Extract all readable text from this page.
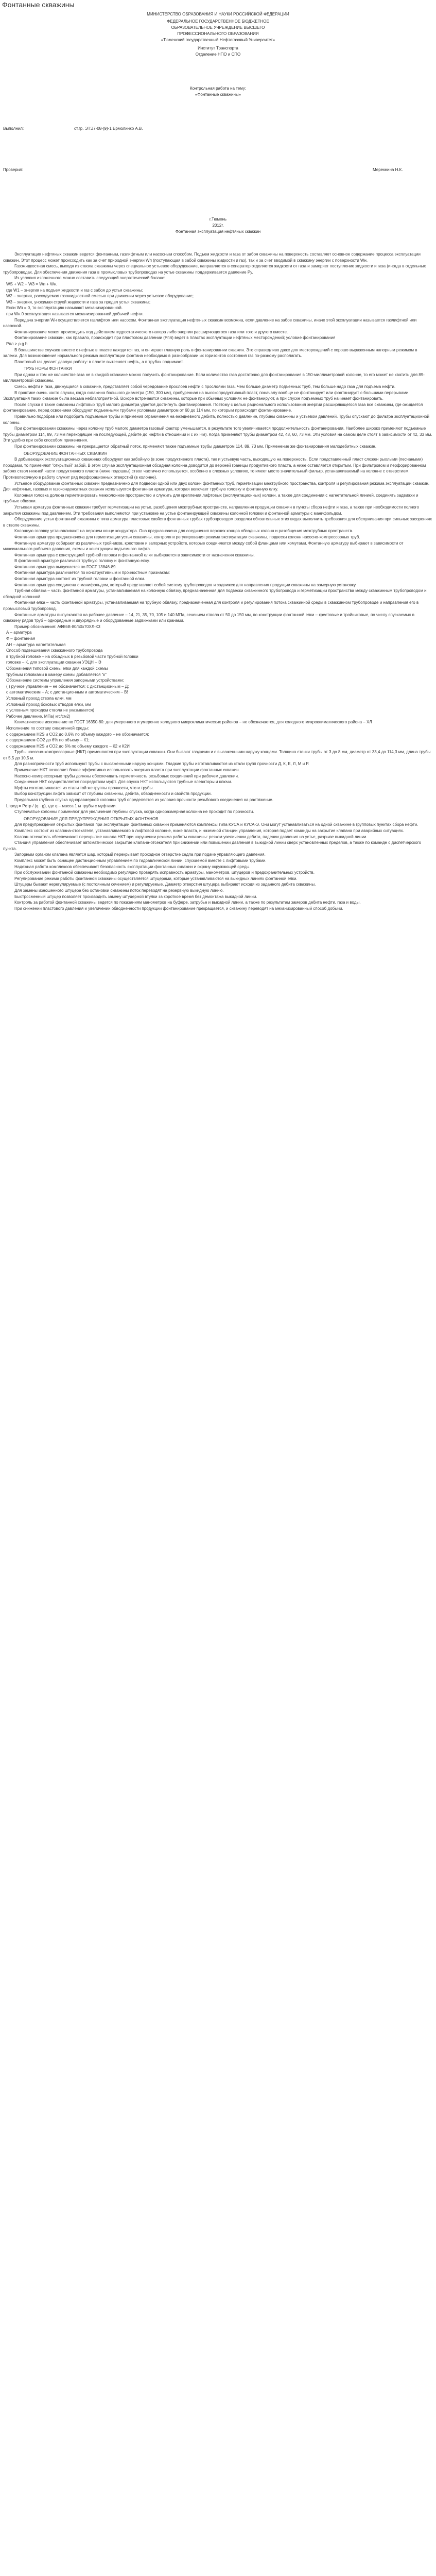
Фонтанные скважины
МИНИСТЕРСТВО ОБРАЗОВАНИЯ И НАУКИ РОССИЙСКОЙ ФЕДЕРАЦИИ
ФЕДЕРАЛЬНОЕ ГОСУДАРСТВЕННОЕ БЮДЖЕТНОЕ
ОБРАЗОВАТЕЛЬНОЕ УЧРЕЖДЕНИЕ ВЫСШЕГО
ПРОФЕССИОНАЛЬНОГО ОБРАЗОВАНИЯ
«Тюменский государственный Нефтегазовый Университет»
Институт Транспорта
Отделение НПО и СПО
Контрольная работа на тему:
«Фонтанные скважины»
Выполнил:	ст.гр. ЭТЭ7-08-(9)-1 Ермолинко А.В.
Проверил:	Мерекнина Н.К.
г.Тюмень
2012г.
Фонтанная эксплуатация нефтяных скважин

Эксплуатация нефтяных скважин ведется фонтанным, газлифтным или насосным способом. Подъем жидкости и газа от забоя скважины на поверхность составляет основное содержание процесса эксплуатации скважин. Этот процесс может происходить как за счет природной энергии Wп (поступающая в забой скважины жидкости и газ), так и за счет вводимой в скважину энергии с поверхности Wн.

Газожидкостная смесь, выходя из ствола скважины через специальное устьевое оборудование, направляется в сепаратор отделяется жидкости от газа и замеряет поступление жидкости и газа (иногда в отдельных трубопроводах. Для обеспечения движения газа в промысловых трубопроводах на устье скважины поддерживается давление Ру.

Из условия изложенного можно составить следующий энергетический баланс:

WS + W2 + W3 = Wп + Wн,

где W1 – энергия на подъем жидкости и газ с забоя до устья скважины;

W2 – энергия, расходуемая газожидкостной смесью при движении через устьевое оборудование;

W3 – энергия, уносимая струей жидкости и газа за предел устья скважины;

Если Wп = 0, то эксплуатацию называют механизированной.

при Wн.0 эксплуатация называется механизированной добычей нефти.

Передача энергии Wн осуществляется газлифтом или насосом. Фонтанная эксплуатация нефтяных скважин возможна, если давление на забое скважины, иначе этой эксплуатации называется газлифтной или насосной.

Фонтанирование может происходить под действием гидростатического напора либо энергии расширяющегося газа или того и другого вместе.

Фонтанирование скважин, как правило, происходит при пластовом давлении (Рпл) ведет в пластах эксплуатации нефтяных месторождений; условие фонтанирования

Рпл > ρ g h

В большинстве случаев вместе с нефтью в пласте находится газ, и он играет главную роль в фонтанировании скважин. Это справедливо даже для месторождений с хорошо выраженным напорным режимом в залежи. Для возникновения нормального режима эксплуатации фонтана необходимо в разнообразии их горизонтов состояния газ по-разному располагать.

Пластовый газ делает давлую работу: в пласте вытесняет нефть, а в трубах поднимает.

ТРУБ НОРЫ ФОНТАНКИ

При одном и том же количестве газа не в каждой скважине можно получить фонтанирование. Если количество газа достаточно для фонтанирования в 150-миллиметровой колонне, то его может не хватить для 89-миллиметровой скважины.

Смесь нефти и газа, движущаяся в скважине, представляет собой чередование прослоев нефти с прослоями газа. Чем больше диаметр подъемных труб, тем больше надо газа для подъема нефти.

В практике очень часто случаи, когда скважина большого диаметра (150, 300 мм), пробуренная на высокопродуктивный пласт, поначалу вообще не фонтанирует или фонтанирует с большими перерывами. Эксплуатация таких скважин была весьма неблагоприятной. Вскоре встречаются скважины, которые при обычных условиях не фонтанируют, а при спуске подъемных труб начинает фонтанировать.

После спуска в такие скважины лифтовых труб малого диаметра удается достигнуть фонтанирования. Поэтому с целью рационального использования энергии расширяющегося газа все скважины, где ожидается фонтанирование, перед освоением оборудуют подъемными трубами условным диаметром от 60 до 114 мм, по которым происходит фонтанирование.

Правильно подобрав или подобрать подъемные трубы и применив ограничения на ежедневного дебита, полностью давление, глубины скважины и устьевом давлений. Трубы опускают до фильтра эксплуатационной колонны.

При фонтанировании скважины через колонну труб малого диаметра газовый фактор уменьшается, в результате того увеличивается продолжительность фонтанирования. Наиболее широко применяют подъемные трубы диаметром 114, 89, 73 мм переходящие на последующей, дебите до нефти в отношении и с их Нм). Когда применяют трубы диаметром 42, 48, 60, 73 мм. Эти условия на самом деле стоят в зависимости от 42, 33 мм. Эти удобно при себе способом применения.

При фонтанировании скважины не прекращается обратный поток, применяют также подъемные трубы диаметром 114, 89, 73 мм. Применение же фонтанирования малодебитных скважин.

ОБОРУДОВАНИЕ ФОНТАННЫХ СКВАЖИН

В добывающих эксплуатационных скважинах оборудуют как забойную (в зоне продуктивного пласта), так и устьевую часть, выходящую на поверхность. Если представленный пласт сложен рыхлыми (песчаными) породами, то применяют "открытый" забой. В этом случае эксплуатационная обсадная колонна доводится до верхней границы продуктивного пласта, а ниже оставляется открытым. При фильтровом и перфорированном забоях ствол нижней части продуктивного пласта (ниже подошвы) ствол частично используется, особенно в сложных условиях, то имеет место значительный фильтр, устанавливаемый на колонне с отверстием. Противопесочную в работу служит ряд перфорационных отверстий (в колонне).

Устьевое оборудование фонтанных скважин предназначено для подвески одной или двух колонн фонтанных труб, герметизации межтрубного пространства, контроля и регулирования режима эксплуатации скважин. Для нефтяных, газовых и газоконденсатных скважин используется фонтанная арматура, которая включает трубную головку и фонтанную елку.

Колонная головка должна герметизировать межколонное пространство и служить для крепления лифтовых (эксплуатационных) колонн, а также для соединения с нагнетательной линией, соединять задвижки и трубные обвязки.

Устьевая арматура фонтанных скважин требует герметизации на устье, разобщения межтрубных пространств, направления продукции скважин в пункты сбора нефти и газа, а также при необходимости полного закрытия скважины под давлением. Эти требования выполняются при установке на устье фонтанирующей скважины колонной головки и фонтанной арматуры с манифольдом.

Оборудование устья фонтанной скважины с типа арматура пластовых свойств фонтанных трубах трубопроводом разделки обязательных этих видах выполнить требования для обслуживания при сильных засорениях в стволе скважины.

Колонную головку устанавливают на верхнем конце кондуктора. Она предназначена для соединения верхних концов обсадных колонн и разобщения межтрубных пространств.

Фонтанная арматура предназначена для герметизации устья скважины, контроля и регулирования режима эксплуатации скважины, подвески колонн насосно-компрессорных труб.

Фонтанную арматуру собирают из различных тройников, крестовин и запорных устройств, которые соединяются между собой фланцами или хомутами. Фонтанную арматуру выбирают в зависимости от максимального рабочего давления, схемы и конструкции подъемного лифта.

Фонтанная арматура с конструкцией трубной головки и фонтанной елки выбирается в зависимости от назначения скважины.

В фонтанной арматуре различают трубную головку и фонтанную елку.

Фонтанная арматура выпускается по ГОСТ 13846-89.

Фонтанная арматура различается по конструктивным и прочностным признакам:

Фонтанная арматура состоит из трубной головки и фонтанной елки.

Фонтанная арматура соединена с манифольдом, который представляет собой систему трубопроводов и задвижек для направления продукции скважины на замерную установку.

Трубная обвязка – часть фонтанной арматуры, устанавливаемая на колонную обвязку, предназначенная для подвески скважинного трубопровода и герметизации пространства между скважинным трубопроводом и обсадной колонной.

Фонтанная елка – часть фонтанной арматуры, устанавливаемая на трубную обвязку, предназначенная для контроля и регулирования потока скважинной среды в скважинном трубопроводе и направления его в промысловый трубопровод.

Фонтанные арматуры выпускаются на рабочее давление – 14, 21, 35, 70, 105 и 140 МПа, сечением ствола от 50 до 150 мм, по конструкции фонтанной елки – крестовые и тройниковые, по числу спускаемых в скважину рядов труб – однорядные и двухрядные и оборудованные задвижками или кранами.

Пример обозначения: АФК6В-80/50х70ХЛ-К3

А – арматура

Ф – фонтанная

АН – арматура нагнетательная

Способ подвешивания скважинного трубопровода

в трубной головке – на обсадных в резьбовой части трубной головки

головке – К, для эксплуатации скважин УЭЦН – Э

Обозначения типовой схемы елки для каждой схемы

трубным головками в камеру схемы добавляется "к"

Обозначение системы управления запорными устройствами:

( ) ручное управление – не обозначается; с дистанционным – Д;

с автоматическим – А; с дистанционным и автоматическим – В!

Условный проход ствола елки, мм

Условный проход боковых отводов елки, мм

с условным проходом ствола не указывается)

Рабочее давление, МПа( кгс/см2)

Климатическое исполнение по ГОСТ 16350-80: для умеренного и умеренно холодного микроклиматических районов – не обозначается, для холодного микроклиматического района – ХЛ

Исполнение по составу скважинной среды:

с содержанием H2S и CO2 до 0,6% по объему каждого – не обозначается;

с содержанием CO2 до 6% по объему – К1;

с содержанием H2S и CO2 до 6% по объему каждого – К2 и К2И

Трубы насосно-компрессорные (НКТ) применяются при эксплуатации скважин. Они бывают гладкими и с высаженными наружу концами. Толщина стенки трубы от 3 до 8 мм, диаметр от 33,4 до 114,3 мм, длина трубы от 5,5 до 10,5 м.

Для равнопрочности труб используют трубы с высаженными наружу концами. Гладкие трубы изготавливаются из стали групп прочности Д, К, Е, Л, М и Р.

Применение НКТ позволяет более эффективно использовать энергию пласта при эксплуатации фонтанных скважин.

Насосно-компрессорные трубы должны обеспечивать герметичность резьбовых соединений при рабочем давлении.

Соединение НКТ осуществляется посредством муфт. Для спуска НКТ используются трубные элеваторы и ключи.

Муфты изготавливаются из стали той же группы прочности, что и трубы.

Выбор конструкции лифта зависит от глубины скважины, дебита, обводненности и свойств продукции.

Предельная глубина спуска одноразмерной колонны труб определяется из условия прочности резьбового соединения на растяжение.

Lпред = Рстр / (q · g), где q – масса 1 м трубы с муфтами.

Ступенчатые колонны применяют для увеличения глубины спуска, когда одноразмерная колонна не проходит по прочности.

ОБОРУДОВАНИЕ ДЛЯ ПРЕДУПРЕЖДЕНИЯ ОТКРЫТЫХ ФОНТАНОВ

Для предупреждения открытых фонтанов при эксплуатации фонтанных скважин применяются комплексы типа КУСА и КУСА-Э. Они могут устанавливаться на одной скважине в групповых пунктах сбора нефти.

Комплекс состоит из клапана-отсекателя, устанавливаемого в лифтовой колонне, ниже пласта, и наземной станции управления, которая подает команды на закрытие клапана при аварийных ситуациях.

Клапан-отсекатель обеспечивает перекрытие канала НКТ при нарушении режима работы скважины: резком увеличении дебита, падении давления на устье, разрыве выкидной линии.

Станция управления обеспечивает автоматическое закрытие клапана-отсекателя при снижении или повышении давления в выкидной линии сверх установленных пределов, а также по команде с диспетчерского пункта.

Запорным органом клапана является шар, который перекрывает проходное отверстие седла при подаче управляющего давления.

Комплекс может быть оснащен дистанционным управлением по гидравлической линии, спускаемой вместе с лифтовыми трубами.

Надежная работа комплексов обеспечивает безопасность эксплуатации фонтанных скважин и охрану окружающей среды.

При обслуживании фонтанной скважины необходимо регулярно проверять исправность арматуры, манометров, штуцеров и предохранительных устройств.

Регулирование режима работы фонтанной скважины осуществляется штуцерами, которые устанавливаются на выкидных линиях фонтанной елки.

Штуцеры бывают нерегулируемые (с постоянным сечением) и регулируемые. Диаметр отверстия штуцера выбирают исходя из заданного дебита скважины.

Для замены изношенного штуцера без остановки скважины поток переводят на резервную выкидную линию.

Быстросменный штуцер позволяет производить замену штуцерной втулки за короткое время без демонтажа выкидной линии.

Контроль за работой фонтанной скважины ведется по показаниям манометров на буфере, затрубье и выкидной линии, а также по результатам замеров дебита нефти, газа и воды.

При снижении пластового давления и увеличении обводненности продукции фонтанирование прекращается, и скважину переводят на механизированный способ добычи.
